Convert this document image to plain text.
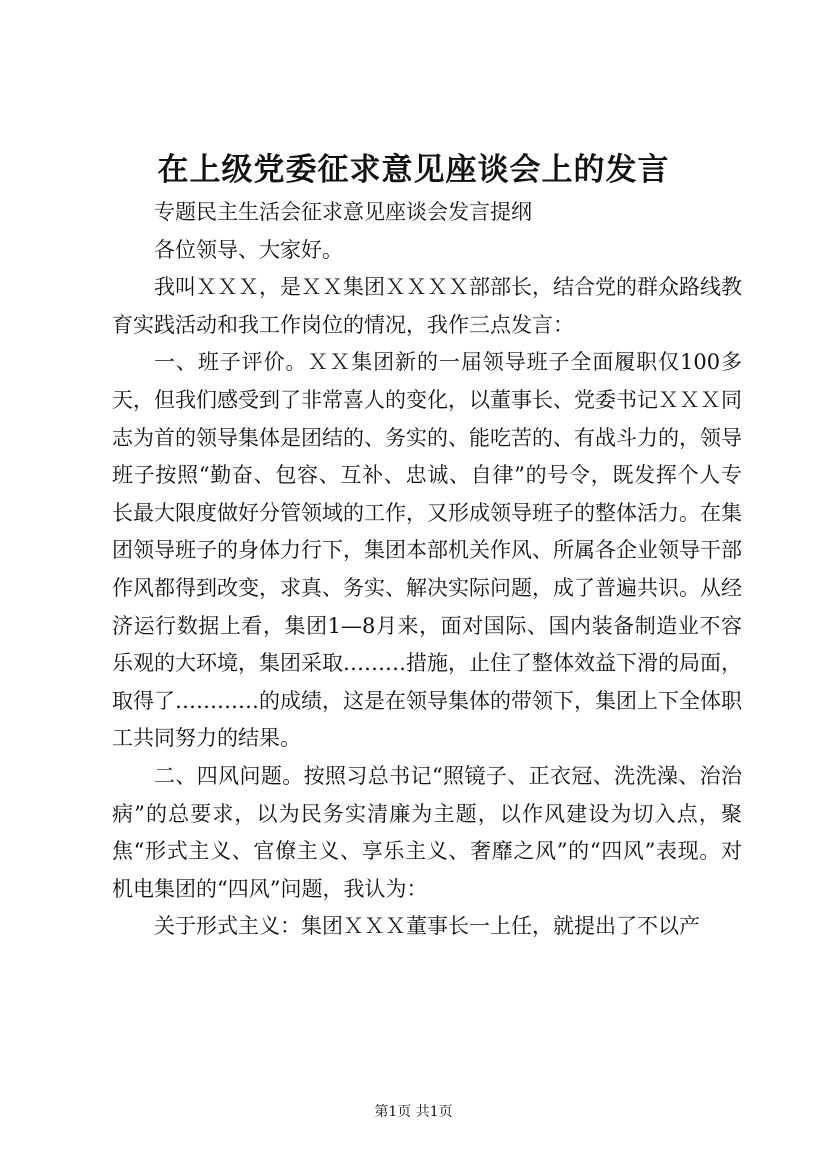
在上级党委征求意见座谈会上的发言

专题民主生活会征求意见座谈会发言提纲

各位领导、大家好。

我叫ＸＸＸ，是ＸＸ集团ＸＸＸＸ部部长，结合党的群众路线教育实践活动和我工作岗位的情况，我作三点发言：

一、班子评价。ＸＸ集团新的一届领导班子全面履职仅100多天，但我们感受到了非常喜人的变化，以董事长、党委书记ＸＸＸ同志为首的领导集体是团结的、务实的、能吃苦的、有战斗力的，领导班子按照“勤奋、包容、互补、忠诚、自律”的号令，既发挥个人专长最大限度做好分管领域的工作，又形成领导班子的整体活力。在集团领导班子的身体力行下，集团本部机关作风、所属各企业领导干部作风都得到改变，求真、务实、解决实际问题，成了普遍共识。从经济运行数据上看，集团1—8月来，面对国际、国内装备制造业不容乐观的大环境，集团采取………措施，止住了整体效益下滑的局面，取得了…………的成绩，这是在领导集体的带领下，集团上下全体职工共同努力的结果。

二、四风问题。按照习总书记“照镜子、正衣冠、洗洗澡、治治病”的总要求，以为民务实清廉为主题，以作风建设为切入点，聚焦“形式主义、官僚主义、享乐主义、奢靡之风”的“四风”表现。对机电集团的“四风”问题，我认为：

关于形式主义：集团ＸＸＸ董事长一上任，就提出了不以产

第1页 共1页
